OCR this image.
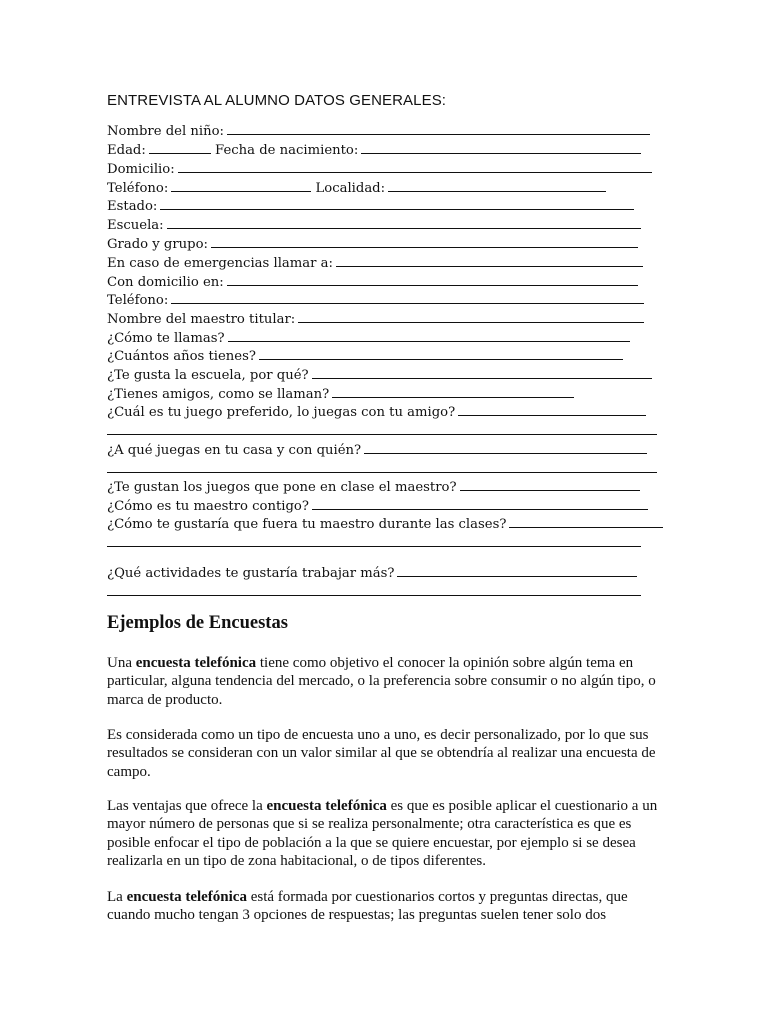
ENTREVISTA AL ALUMNO DATOS GENERALES:
Nombre del niño:
Edad:	Fecha de nacimiento:
Domicilio:
Teléfono:	Localidad:
Estado:
Escuela:
Grado y grupo:
En caso de emergencias llamar a:
Con domicilio en:
Teléfono:
Nombre del maestro titular:
¿Cómo te llamas?
¿Cuántos años tienes?
¿Te gusta la escuela, por qué?
¿Tienes amigos, como se llaman?
¿Cuál es tu juego preferido, lo juegas con tu amigo?
¿A qué juegas en tu casa y con quién?
¿Te gustan los juegos que pone en clase el maestro?
¿Cómo es tu maestro contigo?
¿Cómo te gustaría que fuera tu maestro durante las clases?
¿Qué actividades te gustaría trabajar más?
Ejemplos de Encuestas

Una encuesta telefónica tiene como objetivo el conocer la opinión sobre algún tema en particular, alguna tendencia del mercado, o la preferencia sobre consumir o no algún tipo, o marca de producto.

Es considerada como un tipo de encuesta uno a uno, es decir personalizado, por lo que sus resultados se consideran con un valor similar al que se obtendría al realizar una encuesta de campo.

Las ventajas que ofrece la encuesta telefónica es que es posible aplicar el cuestionario a un mayor número de personas que si se realiza personalmente; otra característica es que es posible enfocar el tipo de población a la que se quiere encuestar, por ejemplo si se desea realizarla en un tipo de zona habitacional, o de tipos diferentes.

La encuesta telefónica está formada por cuestionarios cortos y preguntas directas, que cuando mucho tengan 3 opciones de respuestas; las preguntas suelen tener solo dos
